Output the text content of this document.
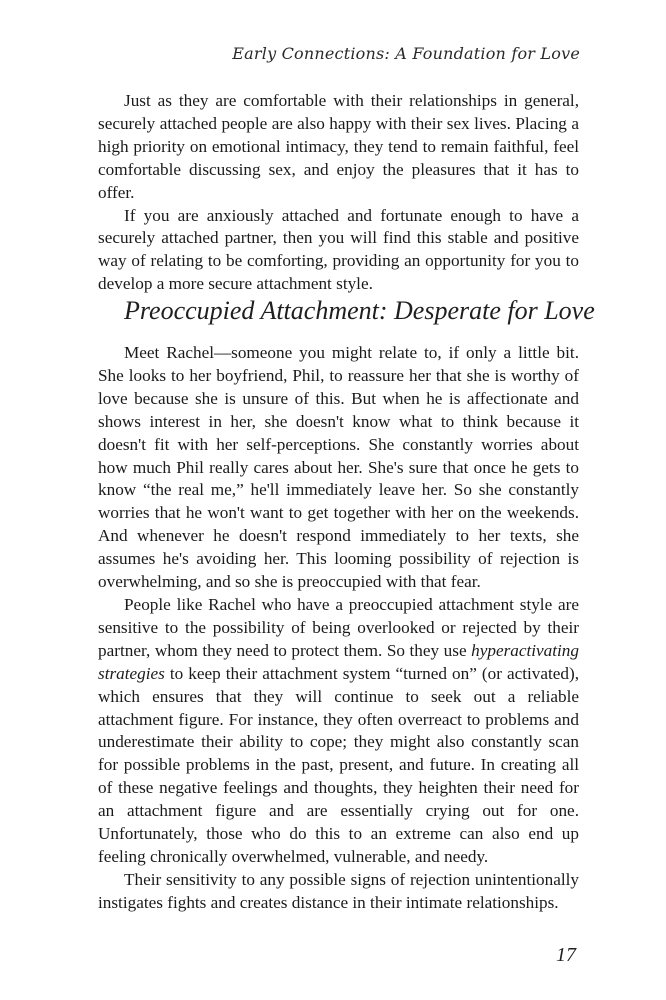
Early Connections: A Foundation for Love

Just as they are comfortable with their relationships in general, securely attached people are also happy with their sex lives. Placing a high priority on emotional intimacy, they tend to remain faithful, feel comfortable discussing sex, and enjoy the pleasures that it has to offer.

If you are anxiously attached and fortunate enough to have a securely attached partner, then you will find this stable and positive way of relating to be comforting, providing an opportunity for you to develop a more secure attachment style.

Preoccupied Attachment: Desperate for Love

Meet Rachel—someone you might relate to, if only a little bit. She looks to her boyfriend, Phil, to reassure her that she is worthy of love because she is unsure of this. But when he is affectionate and shows interest in her, she doesn't know what to think because it doesn't fit with her self-perceptions. She constantly worries about how much Phil really cares about her. She's sure that once he gets to know “the real me,” he'll immediately leave her. So she constantly worries that he won't want to get together with her on the weekends. And whenever he doesn't respond immediately to her texts, she assumes he's avoiding her. This looming possibility of rejection is overwhelming, and so she is preoccupied with that fear.

People like Rachel who have a preoccupied attachment style are sensitive to the possibility of being overlooked or rejected by their partner, whom they need to protect them. So they use hyperactivating strategies to keep their attachment system “turned on” (or activated), which ensures that they will continue to seek out a reliable attachment figure. For instance, they often overreact to problems and underestimate their ability to cope; they might also constantly scan for possible problems in the past, present, and future. In creating all of these negative feelings and thoughts, they heighten their need for an attachment figure and are essentially crying out for one. Unfortunately, those who do this to an extreme can also end up feeling chronically overwhelmed, vulnerable, and needy.

Their sensitivity to any possible signs of rejection unintentionally instigates fights and creates distance in their intimate relationships.

17
